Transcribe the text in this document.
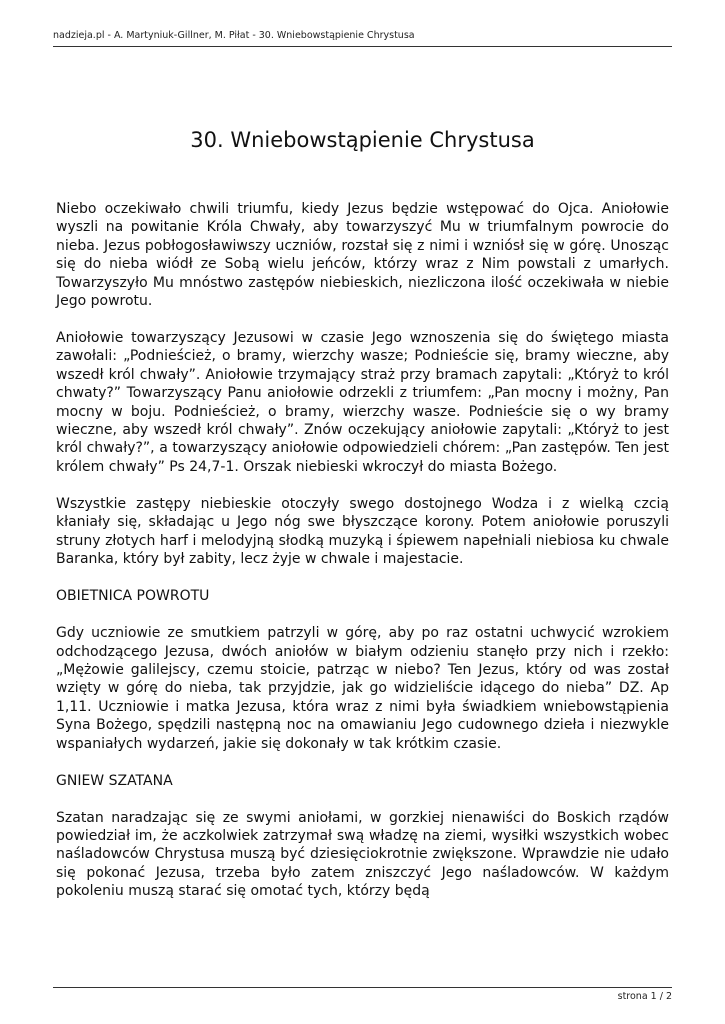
nadzieja.pl - A. Martyniuk-Gillner, M. Piłat - 30. Wniebowstąpienie Chrystusa
30. Wniebowstąpienie Chrystusa

Niebo oczekiwało chwili triumfu, kiedy Jezus będzie wstępować do Ojca. Aniołowie wyszli na powitanie Króla Chwały, aby towarzyszyć Mu w triumfalnym powrocie do nieba. Jezus pobłogosławiwszy uczniów, rozstał się z nimi i wzniósł się w górę. Unosząc się do nieba wiódł ze Sobą wielu jeńców, którzy wraz z Nim powstali z umarłych. Towarzyszyło Mu mnóstwo zastępów niebieskich, niezliczona ilość oczekiwała w niebie Jego powrotu.

Aniołowie towarzyszący Jezusowi w czasie Jego wznoszenia się do świętego miasta zawołali: „Podnieścież, o bramy, wierzchy wasze; Podnieście się, bramy wieczne, aby wszedł król chwały”. Aniołowie trzymający straż przy bramach zapytali: „Któryż to król chwaty?” Towarzyszący Panu aniołowie odrzekli z triumfem: „Pan mocny i możny, Pan mocny w boju. Podnieścież, o bramy, wierzchy wasze. Podnieście się o wy bramy wieczne, aby wszedł król chwały”. Znów oczekujący aniołowie zapytali: „Któryż to jest król chwały?”, a towarzyszący aniołowie odpowiedzieli chórem: „Pan zastępów. Ten jest królem chwały” Ps 24,7-1. Orszak niebieski wkroczył do miasta Bożego.

Wszystkie zastępy niebieskie otoczyły swego dostojnego Wodza i z wielką czcią kłaniały się, składając u Jego nóg swe błyszczące korony. Potem aniołowie poruszyli struny złotych harf i melodyjną słodką muzyką i śpiewem napełniali niebiosa ku chwale Baranka, który był zabity, lecz żyje w chwale i majestacie.

OBIETNICA POWROTU

Gdy uczniowie ze smutkiem patrzyli w górę, aby po raz ostatni uchwycić wzrokiem odchodzącego Jezusa, dwóch aniołów w białym odzieniu stanęło przy nich i rzekło: „Mężowie galilejscy, czemu stoicie, patrząc w niebo? Ten Jezus, który od was został wzięty w górę do nieba, tak przyjdzie, jak go widzieliście idącego do nieba” DZ. Ap 1,11. Uczniowie i matka Jezusa, która wraz z nimi była świadkiem wniebowstąpienia Syna Bożego, spędzili następną noc na omawianiu Jego cudownego dzieła i niezwykle wspaniałych wydarzeń, jakie się dokonały w tak krótkim czasie.

GNIEW SZATANA

Szatan naradzając się ze swymi aniołami, w gorzkiej nienawiści do Boskich rządów powiedział im, że aczkolwiek zatrzymał swą władzę na ziemi, wysiłki wszystkich wobec naśladowców Chrystusa muszą być dziesięciokrotnie zwiększone. Wprawdzie nie udało się pokonać Jezusa, trzeba było zatem zniszczyć Jego naśladowców. W każdym pokoleniu muszą starać się omotać tych, którzy będą

strona 1 / 2
